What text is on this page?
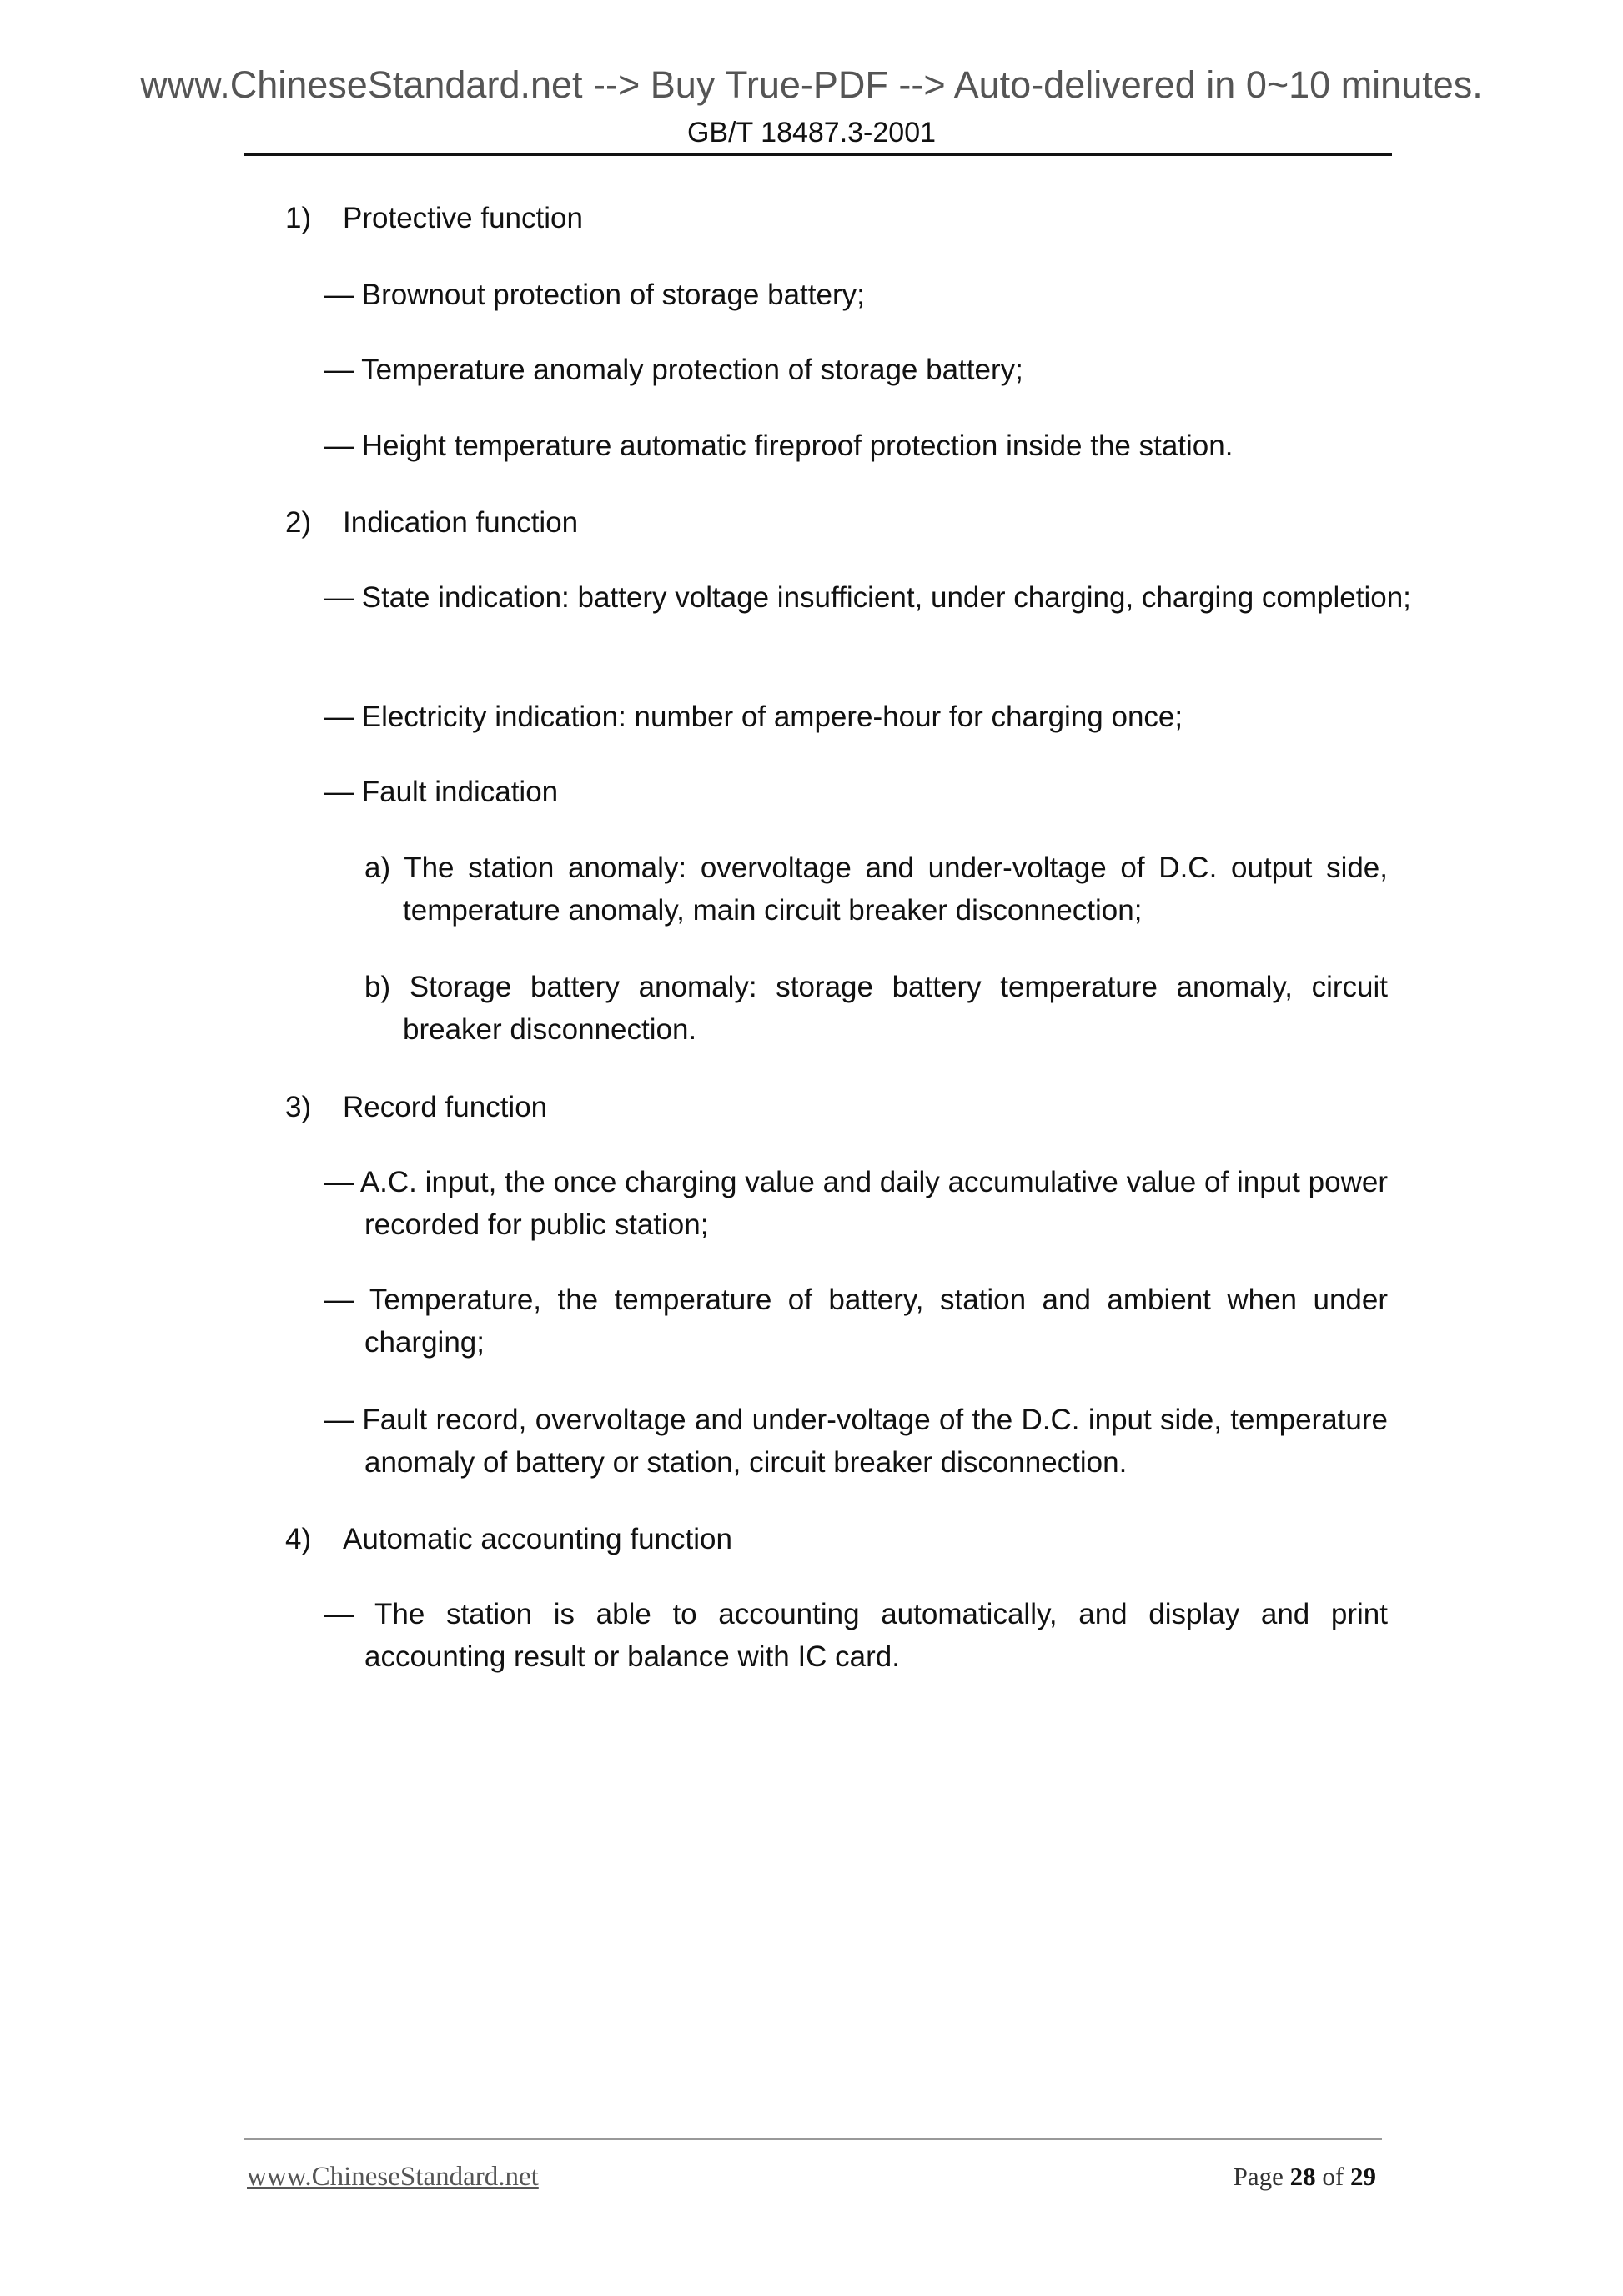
www.ChineseStandard.net --> Buy True-PDF --> Auto-delivered in 0~10 minutes.
GB/T 18487.3-2001
1) Protective function
— Brownout protection of storage battery;
— Temperature anomaly protection of storage battery;
— Height temperature automatic fireproof protection inside the station.
2) Indication function
— State indication: battery voltage insufficient, under charging, charging completion;
— Electricity indication: number of ampere-hour for charging once;
— Fault indication
a) The station anomaly: overvoltage and under-voltage of D.C. output side, temperature anomaly, main circuit breaker disconnection;
b) Storage battery anomaly: storage battery temperature anomaly, circuit breaker disconnection.
3) Record function
— A.C. input, the once charging value and daily accumulative value of input power recorded for public station;
— Temperature, the temperature of battery, station and ambient when under charging;
— Fault record, overvoltage and under-voltage of the D.C. input side, temperature anomaly of battery or station, circuit breaker disconnection.
4) Automatic accounting function
— The station is able to accounting automatically, and display and print accounting result or balance with IC card.
www.ChineseStandard.net	Page 28 of 29
